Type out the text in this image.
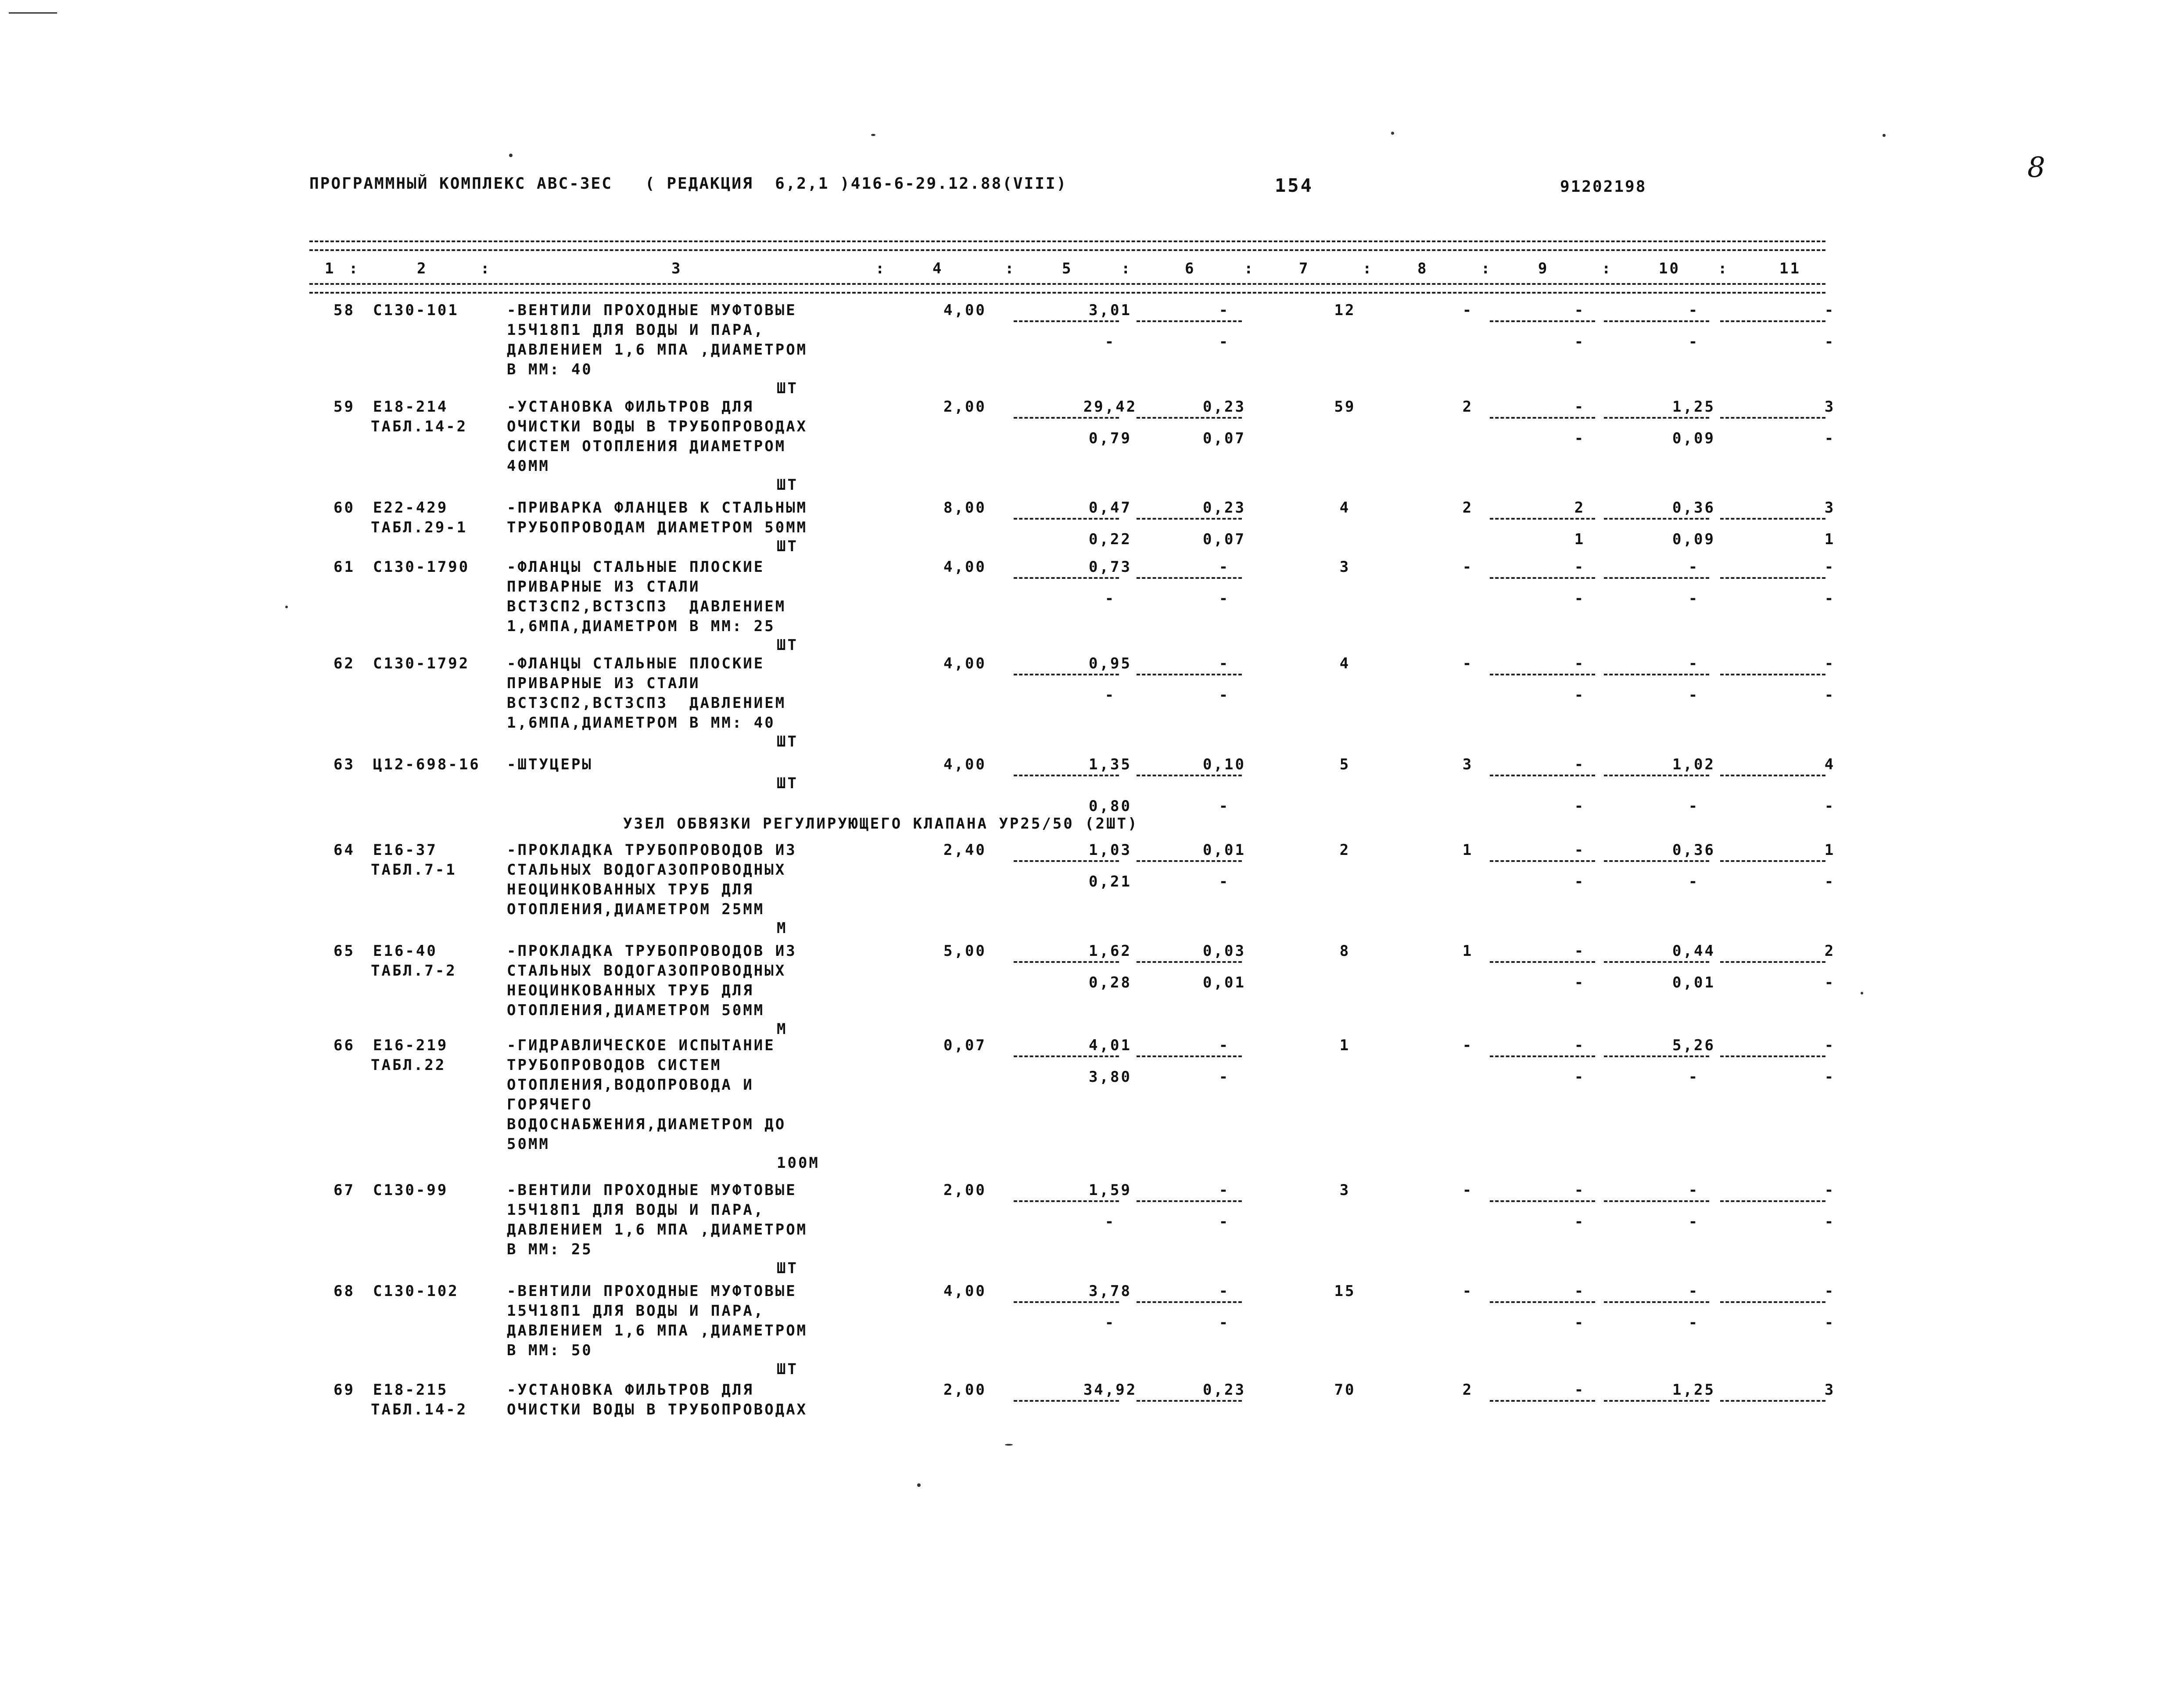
ПРОГРАММНЫЙ КОМПЛЕКС АВС-ЗЕС ( РЕДАКЦИЯ  6,2,1 )416-6-29.12.88(VIII)	154	91202198
8
1 :	2	:	3	:	4	:	5	:	6	:	7	:	8	:	9	:	10	:	11
58 С130-101	-ВЕНТИЛИ ПРОХОДНЫЕ МУФТОВЫЕ
15Ч18П1 ДЛЯ ВОДЫ И ПАРА,
ДАВЛЕНИЕМ 1,6 МПА ,ДИАМЕТРОМ
В ММ: 40
ШТ
4,00	3,01	-	12	-	-	-	-
-	-	-	-	-
59 Е18-214
ТАБЛ.14-2
-УСТАНОВКА ФИЛЬТРОВ ДЛЯ
ОЧИСТКИ ВОДЫ В ТРУБОПРОВОДАХ
СИСТЕМ ОТОПЛЕНИЯ ДИАМЕТРОМ
40ММ
ШТ
2,00	29,42	0,23	59	2	-	1,25	3
0,79	0,07	-	0,09	-
60 Е22-429
ТАБЛ.29-1
-ПРИВАРКА ФЛАНЦЕВ К СТАЛЬНЫМ
ТРУБОПРОВОДАМ ДИАМЕТРОМ 50ММ
ШТ
8,00	0,47	0,23	4	2	2	0,36	3
0,22	0,07	1	0,09	1
61 С130-1790 -ФЛАНЦЫ СТАЛЬНЫЕ ПЛОСКИЕ
ПРИВАРНЫЕ ИЗ СТАЛИ
ВСТ3СП2,ВСТ3СП3  ДАВЛЕНИЕМ
1,6МПА,ДИАМЕТРОМ В ММ: 25
ШТ
4,00	0,73	-	3	-	-	-	-
-	-	-	-	-
62 С130-1792 -ФЛАНЦЫ СТАЛЬНЫЕ ПЛОСКИЕ
ПРИВАРНЫЕ ИЗ СТАЛИ
ВСТ3СП2,ВСТ3СП3  ДАВЛЕНИЕМ
1,6МПА,ДИАМЕТРОМ В ММ: 40
ШТ
4,00	0,95	-	4	-	-	-	-
-	-	-	-	-
63 Ц12-698-16 -ШТУЦЕРЫ
ШТ
4,00	1,35	0,10	5	3	-	1,02	4
0,80	-	-	-	-
64 Е16-37
ТАБЛ.7-1
-ПРОКЛАДКА ТРУБОПРОВОДОВ ИЗ
СТАЛЬНЫХ ВОДОГАЗОПРОВОДНЫХ
НЕОЦИНКОВАННЫХ ТРУБ ДЛЯ
ОТОПЛЕНИЯ,ДИАМЕТРОМ 25ММ
М
2,40	1,03	0,01	2	1	-	0,36	1
0,21	-	-	-	-
65 Е16-40
ТАБЛ.7-2
-ПРОКЛАДКА ТРУБОПРОВОДОВ ИЗ
СТАЛЬНЫХ ВОДОГАЗОПРОВОДНЫХ
НЕОЦИНКОВАННЫХ ТРУБ ДЛЯ
ОТОПЛЕНИЯ,ДИАМЕТРОМ 50ММ
М
5,00	1,62	0,03	8	1	-	0,44	2
0,28	0,01	-	0,01	-
66 Е16-219
ТАБЛ.22
-ГИДРАВЛИЧЕСКОЕ ИСПЫТАНИЕ
ТРУБОПРОВОДОВ СИСТЕМ
ОТОПЛЕНИЯ,ВОДОПРОВОДА И
ГОРЯЧЕГО
ВОДОСНАБЖЕНИЯ,ДИАМЕТРОМ ДО
50ММ
100М
0,07	4,01	-	1	-	-	5,26	-
3,80	-	-	-	-
67 С130-99	-ВЕНТИЛИ ПРОХОДНЫЕ МУФТОВЫЕ
15Ч18П1 ДЛЯ ВОДЫ И ПАРА,
ДАВЛЕНИЕМ 1,6 МПА ,ДИАМЕТРОМ
В ММ: 25
ШТ
2,00	1,59	-	3	-	-	-	-
-	-	-	-	-
68 С130-102	-ВЕНТИЛИ ПРОХОДНЫЕ МУФТОВЫЕ
15Ч18П1 ДЛЯ ВОДЫ И ПАРА,
ДАВЛЕНИЕМ 1,6 МПА ,ДИАМЕТРОМ
В ММ: 50
ШТ
4,00	3,78	-	15	-	-	-	-
-	-	-	-	-
69 Е18-215
ТАБЛ.14-2
-УСТАНОВКА ФИЛЬТРОВ ДЛЯ
ОЧИСТКИ ВОДЫ В ТРУБОПРОВОДАХ
2,00	34,92	0,23	70	2	-	1,25	3
УЗЕЛ ОБВЯЗКИ РЕГУЛИРУЮЩЕГО КЛАПАНА УР25/50 (2ШТ)
